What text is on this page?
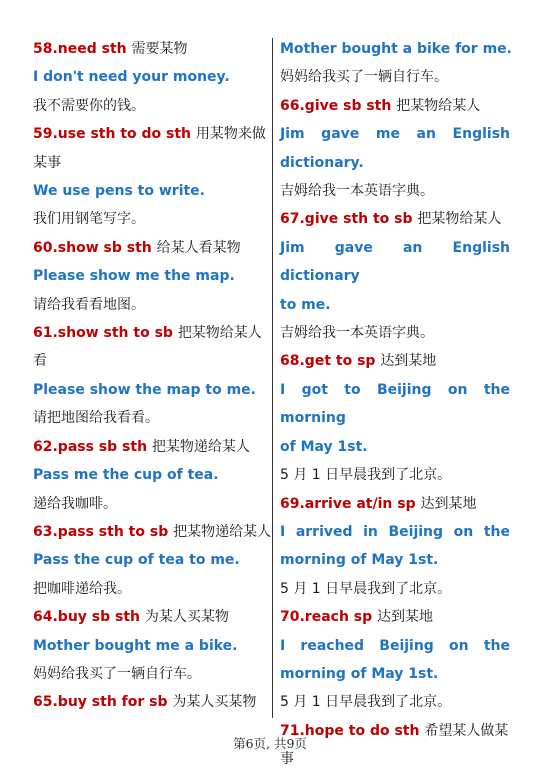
58.need sth 需要某物

I don't need your money.

我不需要你的钱。

59.use sth to do sth 用某物来做

某事

We use pens to write.

我们用钢笔写字。

60.show sb sth 给某人看某物

Please show me the map.

请给我看看地图。

61.show sth to sb 把某物给某人

看

Please show the map to me.

请把地图给我看看。

62.pass sb sth 把某物递给某人

Pass me the cup of tea.

递给我咖啡。

63.pass sth to sb 把某物递给某人

Pass the cup of tea to me.

把咖啡递给我。

64.buy sb sth 为某人买某物

Mother bought me a bike.

妈妈给我买了一辆自行车。

65.buy sth for sb 为某人买某物

Mother bought a bike for me.

妈妈给我买了一辆自行车。

66.give sb sth 把某物给某人

Jim gave me an English

dictionary.

吉姆给我一本英语字典。

67.give sth to sb 把某物给某人

Jim gave an English dictionary

to me.

吉姆给我一本英语字典。

68.get to sp 达到某地

I got to Beijing on the morning

of May 1st.

5 月 1 日早晨我到了北京。

69.arrive at/in sp 达到某地

I arrived in Beijing on the

morning of May 1st.

5 月 1 日早晨我到了北京。

70.reach sp 达到某地

I reached Beijing on the

morning of May 1st.

5 月 1 日早晨我到了北京。

71.hope to do sth 希望某人做某

事

第6页, 共9页
